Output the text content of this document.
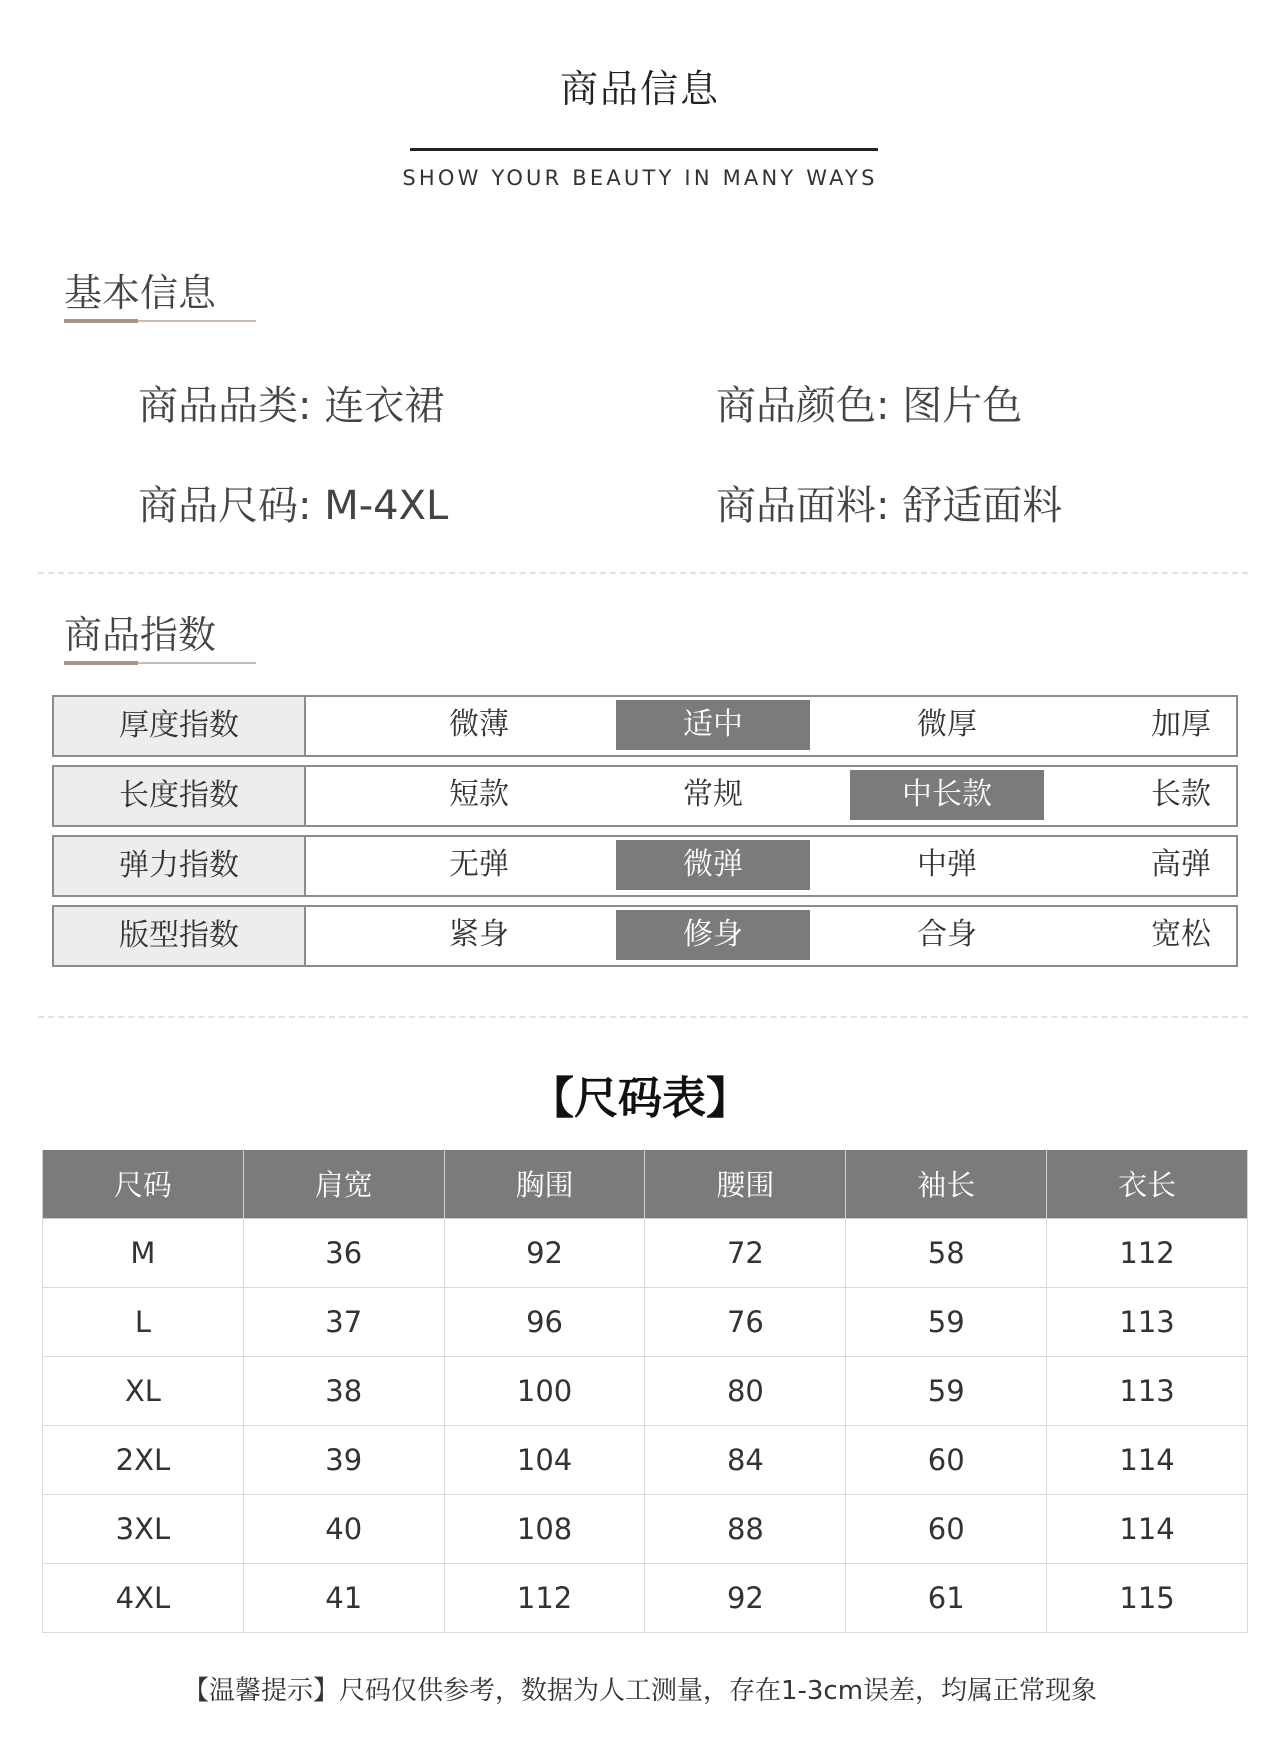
商品信息
SHOW YOUR BEAUTY IN MANY WAYS
基本信息
商品品类: 连衣裙	商品颜色: 图片色
商品尺码: M-4XL	商品面料: 舒适面料
商品指数
厚度指数	微薄	适中	微厚	加厚
长度指数	短款	常规	中长款	长款
弹力指数	无弹	微弹	中弹	高弹
版型指数	紧身	修身	合身	宽松
【尺码表】
尺码	肩宽	胸围	腰围	袖长	衣长
M	36	92	72	58	112
L	37	96	76	59	113
XL	38	100	80	59	113
2XL	39	104	84	60	114
3XL	40	108	88	60	114
4XL	41	112	92	61	115
【温馨提示】尺码仅供参考，数据为人工测量，存在1-3cm误差，均属正常现象
